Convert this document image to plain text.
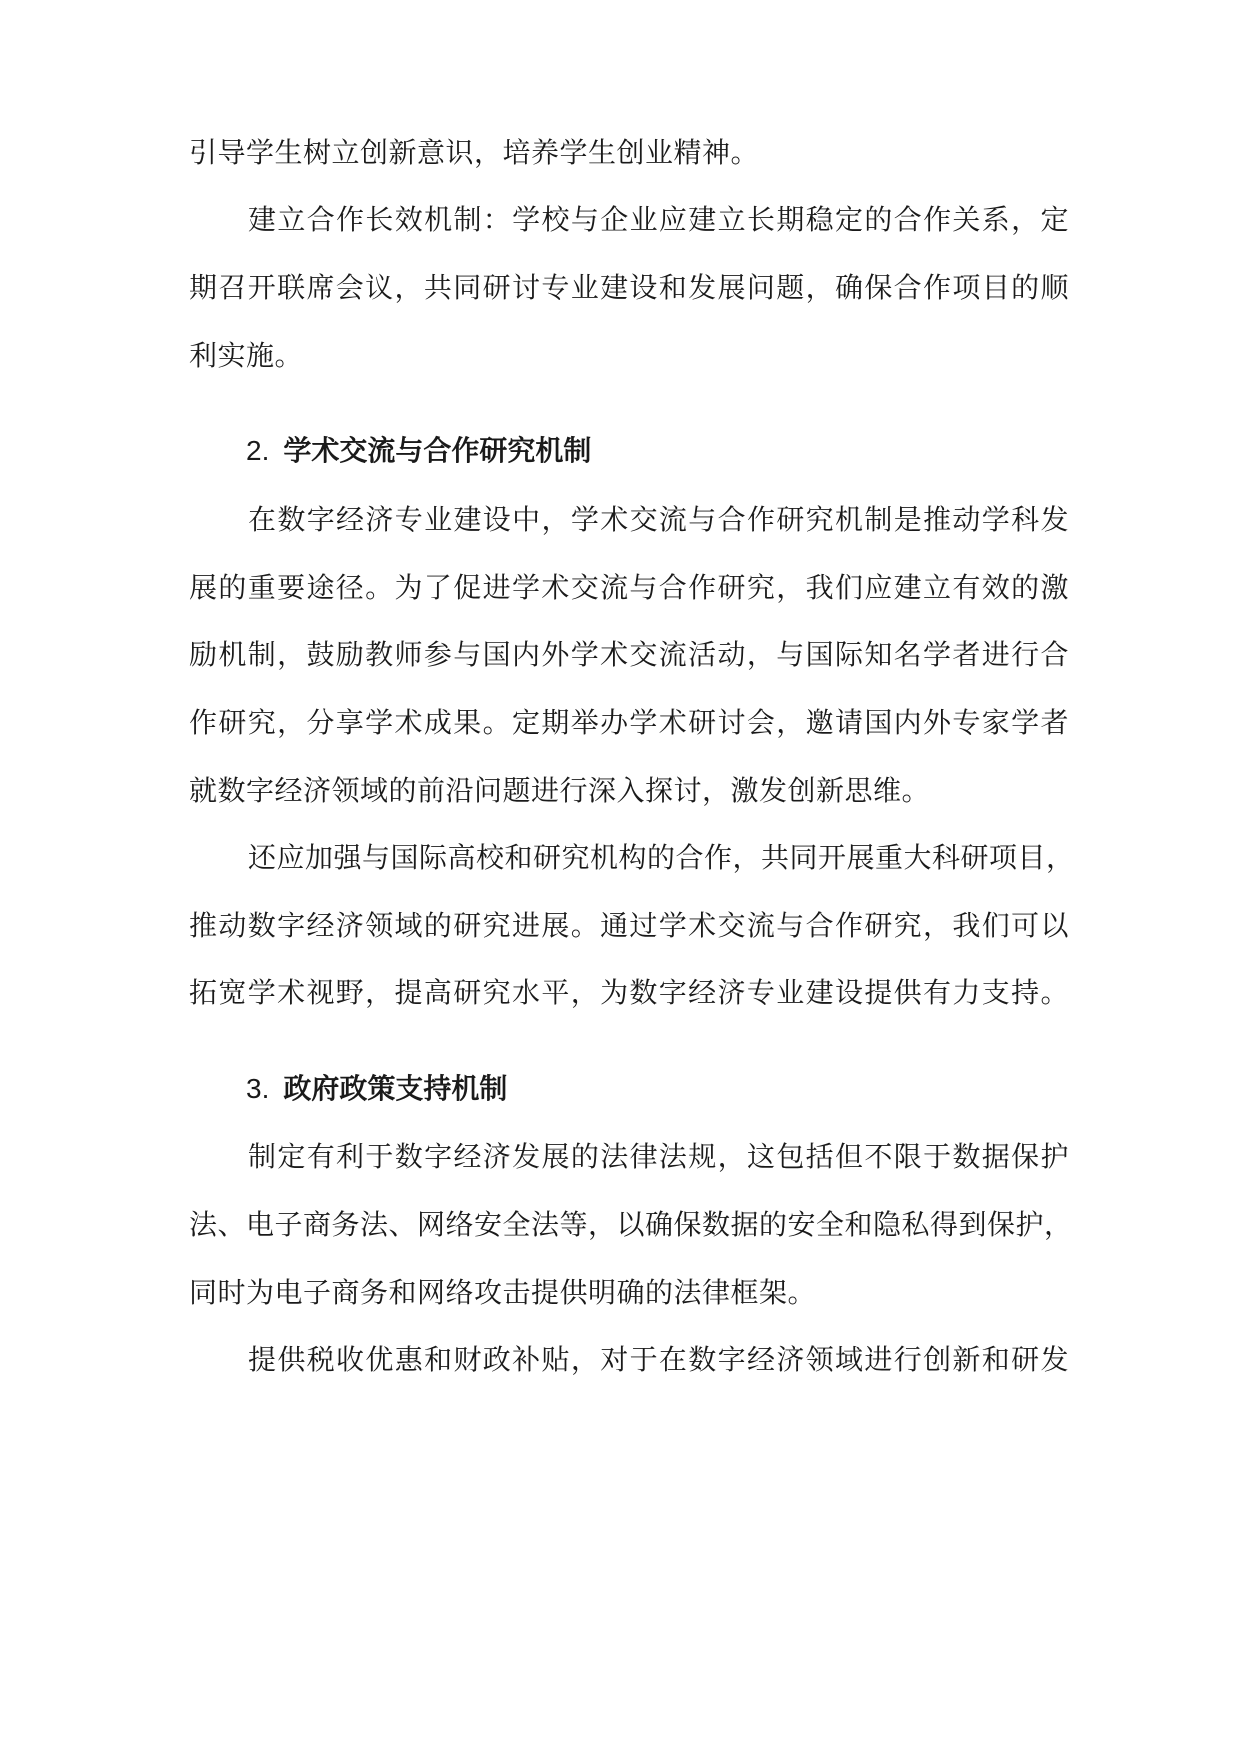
引导学生树立创新意识，培养学生创业精神。
建立合作长效机制：学校与企业应建立长期稳定的合作关系，定
期召开联席会议，共同研讨专业建设和发展问题，确保合作项目的顺
利实施。
2. 学术交流与合作研究机制
在数字经济专业建设中，学术交流与合作研究机制是推动学科发
展的重要途径。为了促进学术交流与合作研究，我们应建立有效的激
励机制，鼓励教师参与国内外学术交流活动，与国际知名学者进行合
作研究，分享学术成果。定期举办学术研讨会，邀请国内外专家学者
就数字经济领域的前沿问题进行深入探讨，激发创新思维。
还应加强与国际高校和研究机构的合作，共同开展重大科研项目，
推动数字经济领域的研究进展。通过学术交流与合作研究，我们可以
拓宽学术视野，提高研究水平，为数字经济专业建设提供有力支持。
3. 政府政策支持机制
制定有利于数字经济发展的法律法规，这包括但不限于数据保护
法、电子商务法、网络安全法等，以确保数据的安全和隐私得到保护，
同时为电子商务和网络攻击提供明确的法律框架。
提供税收优惠和财政补贴，对于在数字经济领域进行创新和研发
